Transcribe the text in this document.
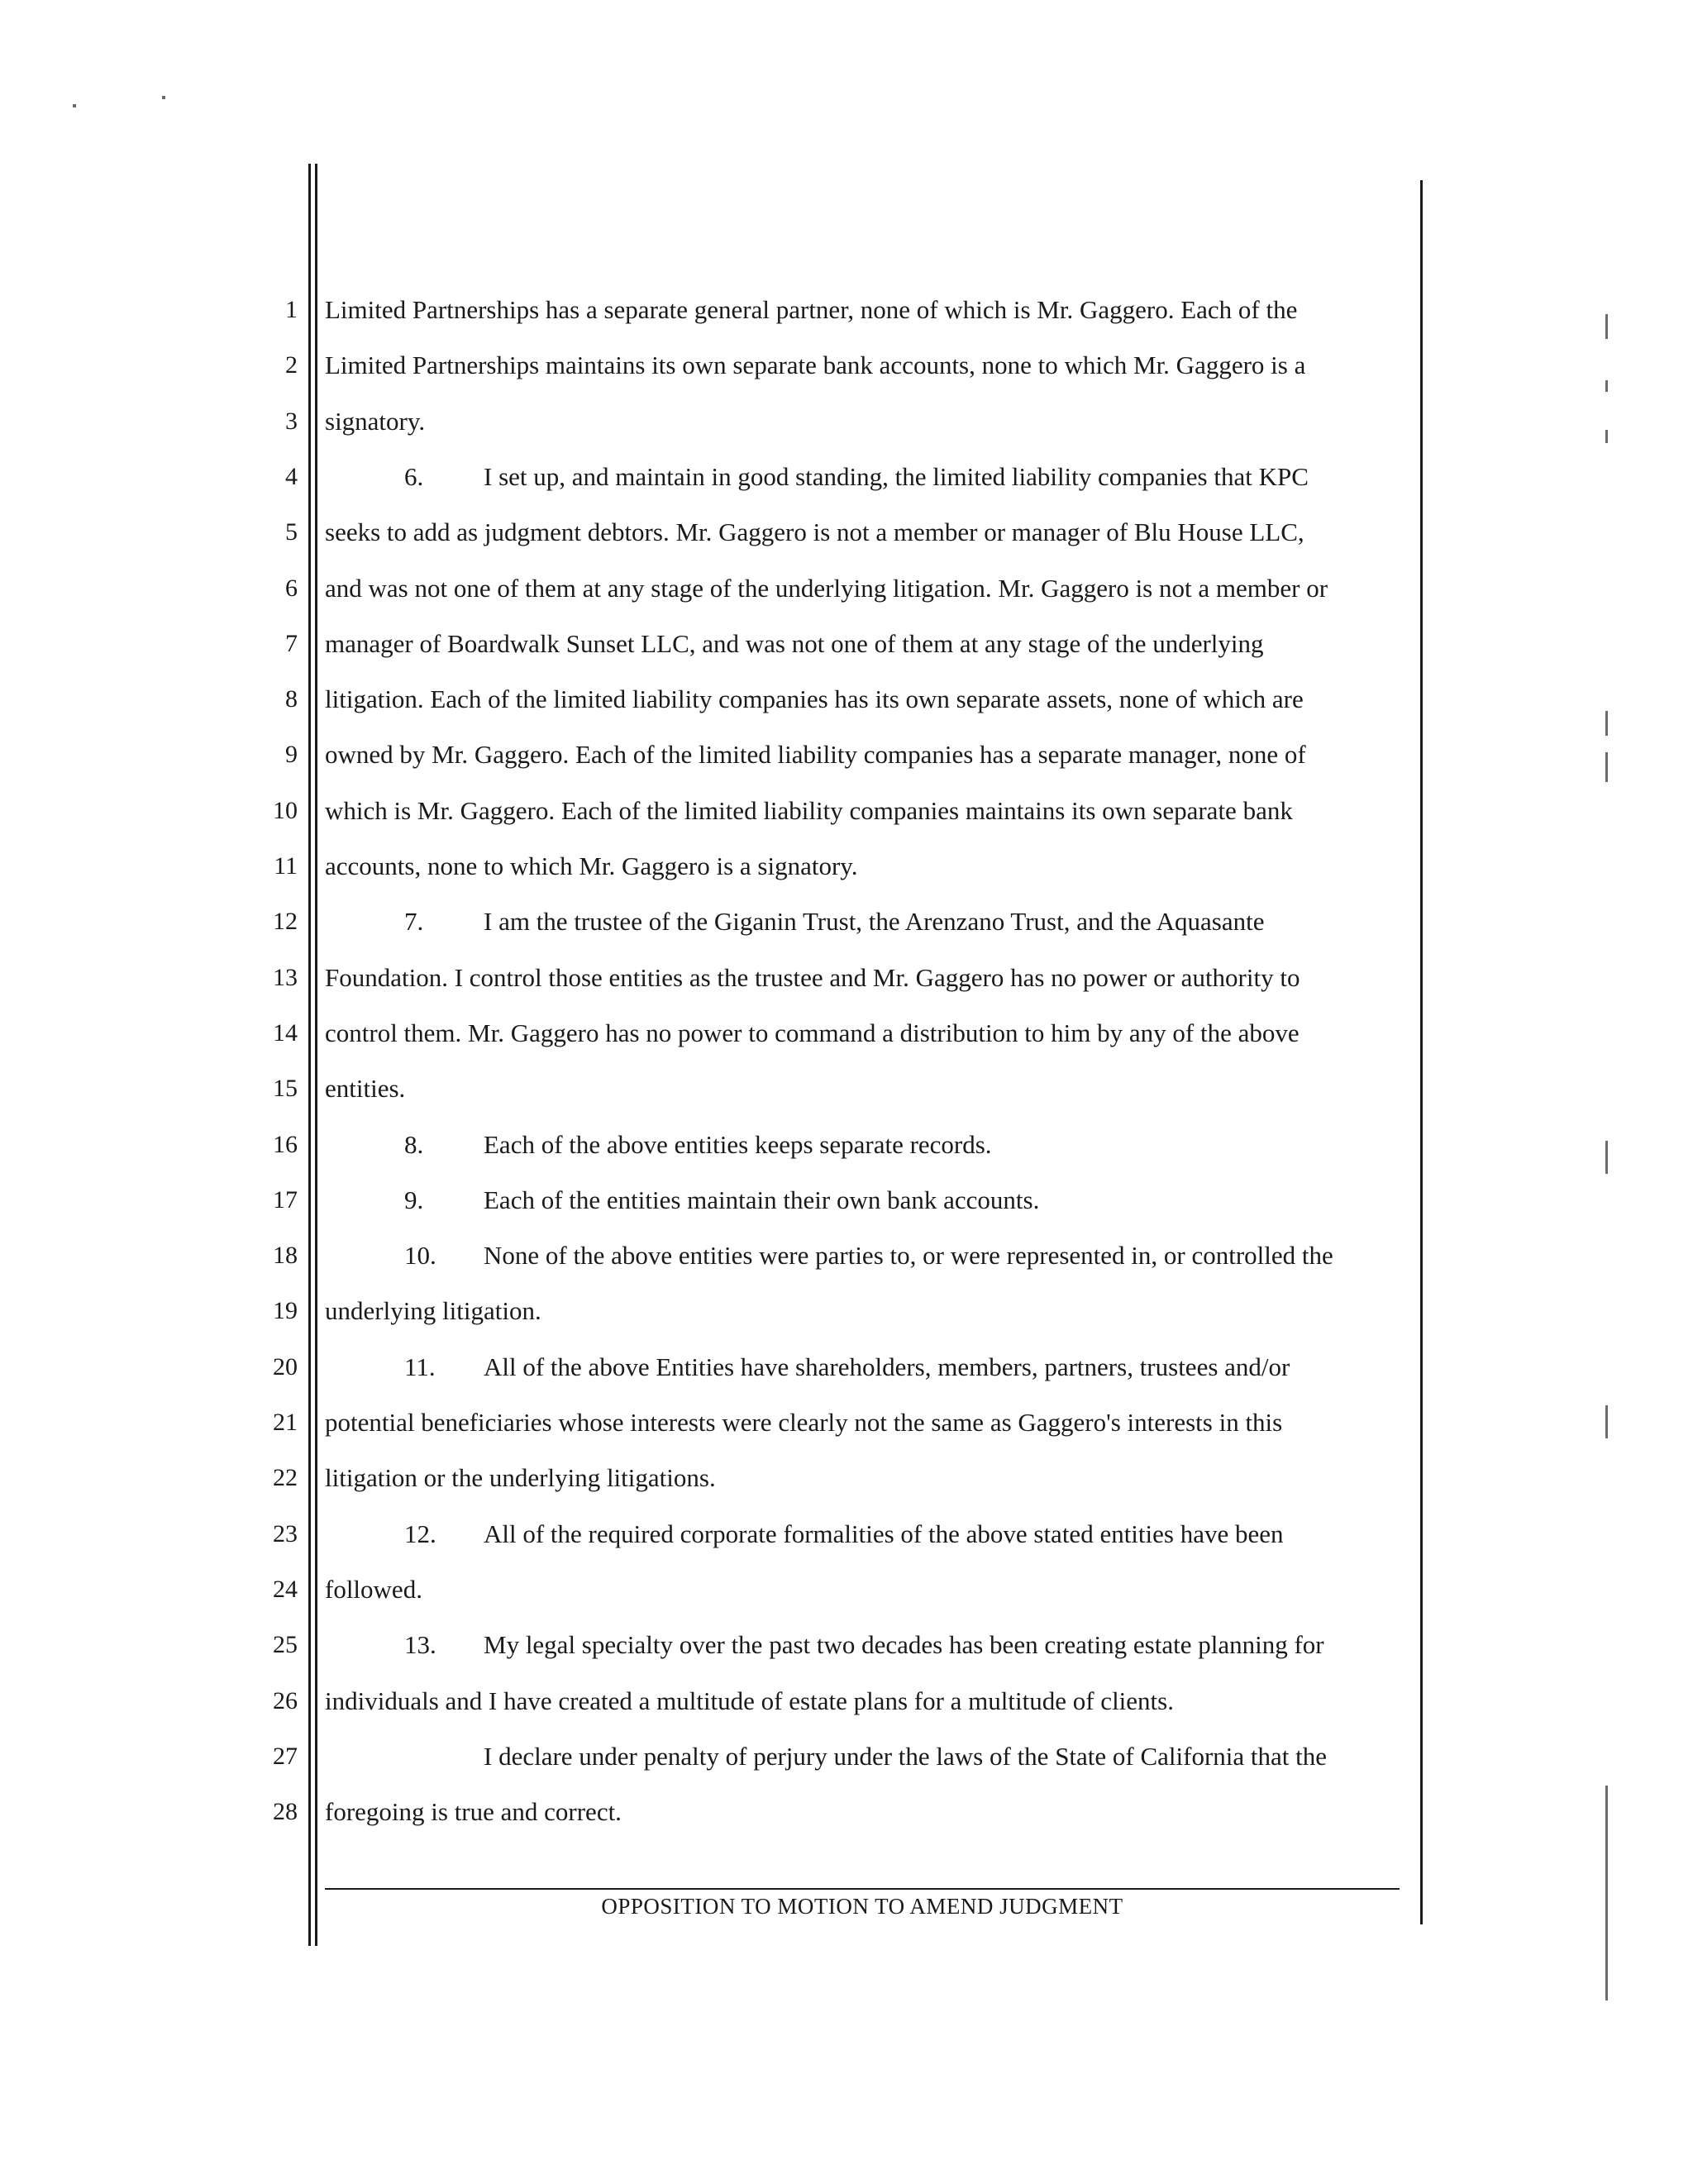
1
2
3
4
5
6
7
8
9
10
11
12
13
14
15
16
17
18
19
20
21
22
23
24
25
26
27
28
Limited Partnerships has a separate general partner, none of which is Mr. Gaggero. Each of the
Limited Partnerships maintains its own separate bank accounts, none to which Mr. Gaggero is a
signatory.
6. I set up, and maintain in good standing, the limited liability companies that KPC
seeks to add as judgment debtors. Mr. Gaggero is not a member or manager of Blu House LLC,
and was not one of them at any stage of the underlying litigation. Mr. Gaggero is not a member or
manager of Boardwalk Sunset LLC, and was not one of them at any stage of the underlying
litigation. Each of the limited liability companies has its own separate assets, none of which are
owned by Mr. Gaggero. Each of the limited liability companies has a separate manager, none of
which is Mr. Gaggero. Each of the limited liability companies maintains its own separate bank
accounts, none to which Mr. Gaggero is a signatory.
7. I am the trustee of the Giganin Trust, the Arenzano Trust, and the Aquasante
Foundation. I control those entities as the trustee and Mr. Gaggero has no power or authority to
control them. Mr. Gaggero has no power to command a distribution to him by any of the above
entities.
8. Each of the above entities keeps separate records.
9. Each of the entities maintain their own bank accounts.
10. None of the above entities were parties to, or were represented in, or controlled the
underlying litigation.
11. All of the above Entities have shareholders, members, partners, trustees and/or
potential beneficiaries whose interests were clearly not the same as Gaggero's interests in this
litigation or the underlying litigations.
12. All of the required corporate formalities of the above stated entities have been
followed.
13. My legal specialty over the past two decades has been creating estate planning for
individuals and I have created a multitude of estate plans for a multitude of clients.
I declare under penalty of perjury under the laws of the State of California that the
foregoing is true and correct.
OPPOSITION TO MOTION TO AMEND JUDGMENT
